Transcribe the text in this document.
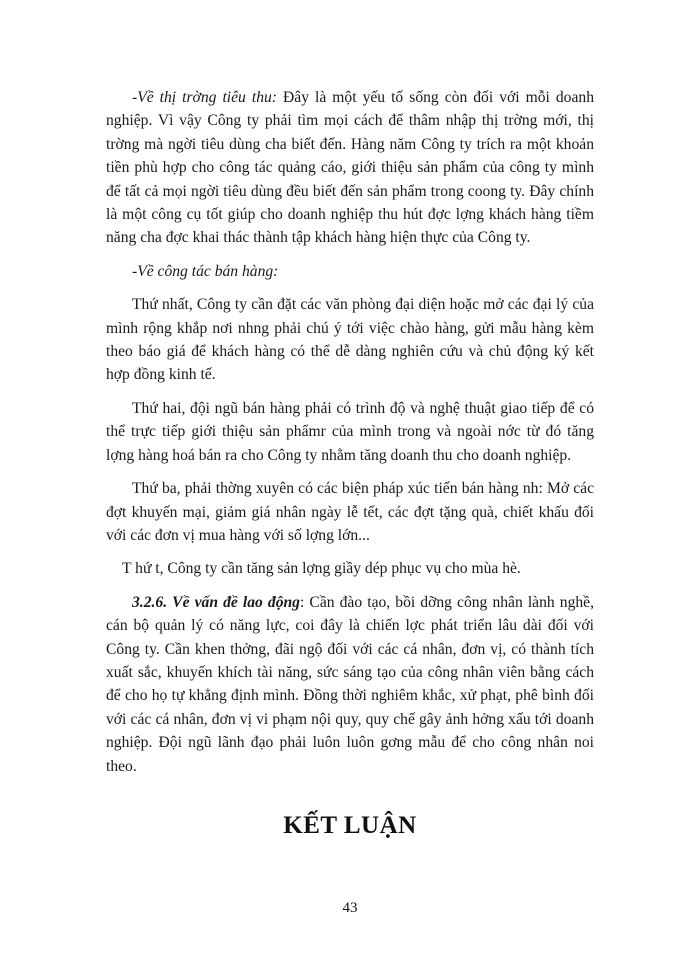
-Về thị trờng tiêu thu: Đây là một yếu tố sống còn đối với mỗi doanh nghiệp. Vì vậy Công ty phải tìm mọi cách để thâm nhập thị trờng mới, thị trờng mà ngời tiêu dùng cha biết đến. Hàng năm Công ty trích ra một khoản tiền phù hợp cho công tác quảng cáo, giới thiệu sản phẩm của công ty mình để tất cả mọi ngời tiêu dùng đều biết đến sản phẩm trong coong ty. Đây chính là một công cụ tốt giúp cho doanh nghiệp thu hút đợc lợng khách hàng tiềm năng cha đợc khai thác thành tập khách hàng hiện thực của Công ty.

-Về công tác bán hàng:

Thứ nhất, Công ty cần đặt các văn phòng đại diện hoặc mở các đại lý của mình rộng khắp nơi nhng phải chú ý tới việc chào hàng, gửi mẫu hàng kèm theo báo giá để khách hàng có thể dễ dàng nghiên cứu và chủ động ký kết hợp đồng kinh tế.

Thứ hai, đội ngũ bán hàng phải có trình độ và nghệ thuật giao tiếp để có thể trực tiếp giới thiệu sản phẩmr của mình trong và ngoài nớc từ đó tăng lợng hàng hoá bán ra cho Công ty nhằm tăng doanh thu cho doanh nghiệp.

Thứ ba, phải thờng xuyên có các biện pháp xúc tiến bán hàng nh: Mở các đợt khuyến mại, giảm giá nhân ngày lễ tết, các đợt tặng quà, chiết khấu đối với các đơn vị mua hàng với số lợng lớn...

T hứ t, Công ty cần tăng sản lợng giầy dép phục vụ cho mùa hè.

3.2.6. Về vấn đề lao động: Cần đào tạo, bồi dỡng công nhân lành nghề, cán bộ quản lý có năng lực, coi đây là chiến lợc phát triển lâu dài đối với Công ty. Cần khen thởng, đãi ngộ đối với các cá nhân, đơn vị, có thành tích xuất sắc, khuyến khích tài năng, sức sáng tạo của công nhân viên bằng cách để cho họ tự khẳng định mình. Đồng thời nghiêm khắc, xử phạt, phê bình đối với các cá nhân, đơn vị vi phạm nội quy, quy chế gây ảnh hởng xấu tới doanh nghiệp. Đội ngũ lãnh đạo phải luôn luôn gơng mẫu để cho công nhân noi theo.

KẾT LUẬN
43
